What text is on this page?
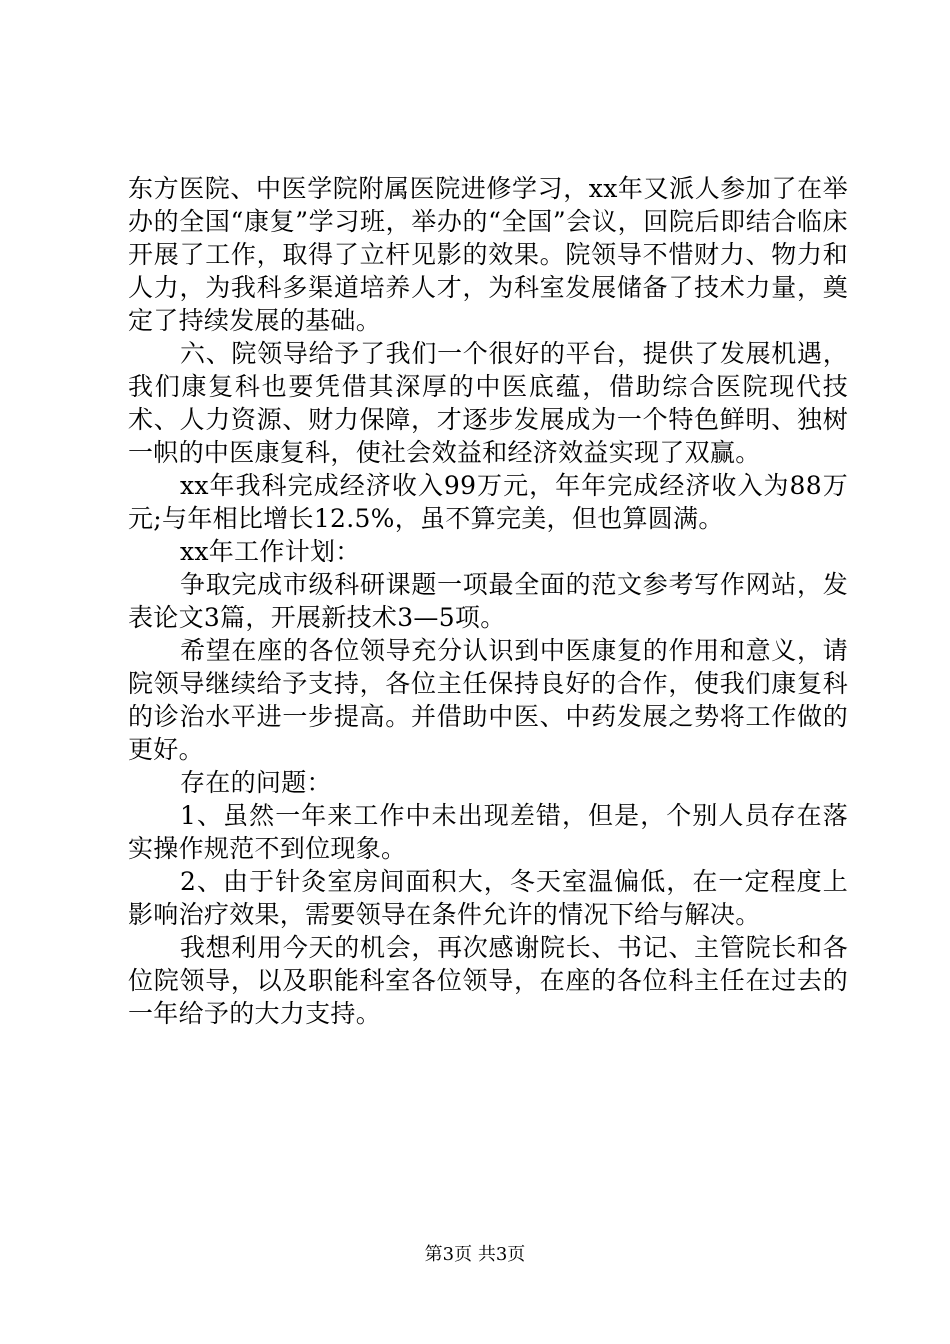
东方医院、中医学院附属医院进修学习，xx年又派人参加了在举办的全国“康复”学习班，举办的“全国”会议，回院后即结合临床开展了工作，取得了立杆见影的效果。院领导不惜财力、物力和人力，为我科多渠道培养人才，为科室发展储备了技术力量，奠定了持续发展的基础。

六、院领导给予了我们一个很好的平台，提供了发展机遇，我们康复科也要凭借其深厚的中医底蕴，借助综合医院现代技术、人力资源、财力保障，才逐步发展成为一个特色鲜明、独树一帜的中医康复科，使社会效益和经济效益实现了双赢。

xx年我科完成经济收入99万元，年年完成经济收入为88万元;与年相比增长12.5%，虽不算完美，但也算圆满。

xx年工作计划：

争取完成市级科研课题一项最全面的范文参考写作网站，发表论文3篇，开展新技术3—5项。

希望在座的各位领导充分认识到中医康复的作用和意义，请院领导继续给予支持，各位主任保持良好的合作，使我们康复科的诊治水平进一步提高。并借助中医、中药发展之势将工作做的更好。

存在的问题：

1、虽然一年来工作中未出现差错，但是，个别人员存在落实操作规范不到位现象。

2、由于针灸室房间面积大，冬天室温偏低，在一定程度上影响治疗效果，需要领导在条件允许的情况下给与解决。

我想利用今天的机会，再次感谢院长、书记、主管院长和各位院领导，以及职能科室各位领导，在座的各位科主任在过去的一年给予的大力支持。

第3页 共3页
